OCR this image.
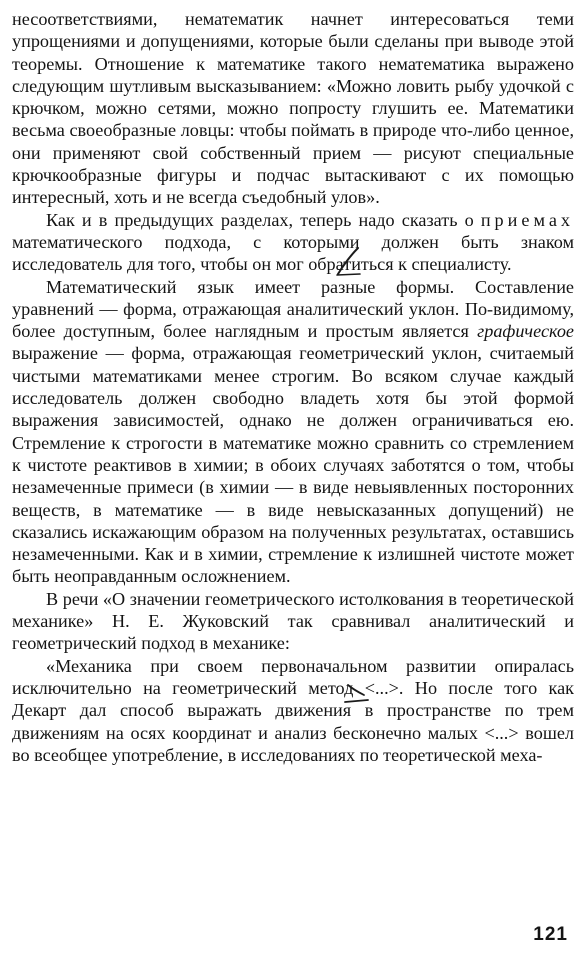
несоответствиями, нематематик начнет интересоваться теми упрощениями и допущениями, которые были сделаны при выводе этой теоремы. Отношение к математике такого нематематика выражено следующим шутливым высказыванием: «Можно ловить рыбу удочкой с крючком, можно сетями, можно попросту глушить ее. Математики весьма своеобразные ловцы: чтобы поймать в природе что-либо ценное, они применяют свой собственный прием — рисуют специальные крючкообразные фигуры и подчас вытаскивают с их помощью интересный, хоть и не всегда съедобный улов».

Как и в предыдущих разделах, теперь надо сказать о приемах математического подхода, с которыми должен быть знаком исследователь для того, чтобы он мог обратиться к специалисту.

Математический язык имеет разные формы. Составление уравнений — форма, отражающая аналитический уклон. По-видимому, более доступным, более наглядным и простым является графическое выражение — форма, отражающая геометрический уклон, считаемый чистыми математиками менее строгим. Во всяком случае каждый исследователь должен свободно владеть хотя бы этой формой выражения зависимостей, однако не должен ограничиваться ею. Стремление к строгости в математике можно сравнить со стремлением к чистоте реактивов в химии; в обоих случаях заботятся о том, чтобы незамеченные примеси (в химии — в виде невыявленных посторонних веществ, в математике — в виде невысказанных допущений) не сказались искажающим образом на полученных результатах, оставшись незамеченными. Как и в химии, стремление к излишней чистоте может быть неоправданным осложнением.

В речи «О значении геометрического истолкования в теоретической механике» Н. Е. Жуковский так сравнивал аналитический и геометрический подход в механике:

«Механика при своем первоначальном развитии опиралась исключительно на геометрический метод <...>. Но после того как Декарт дал способ выражать движения в пространстве по трем движениям на осях координат и анализ бесконечно малых <...> вошел во всеобщее употребление, в исследованиях по теоретической меха-

121
